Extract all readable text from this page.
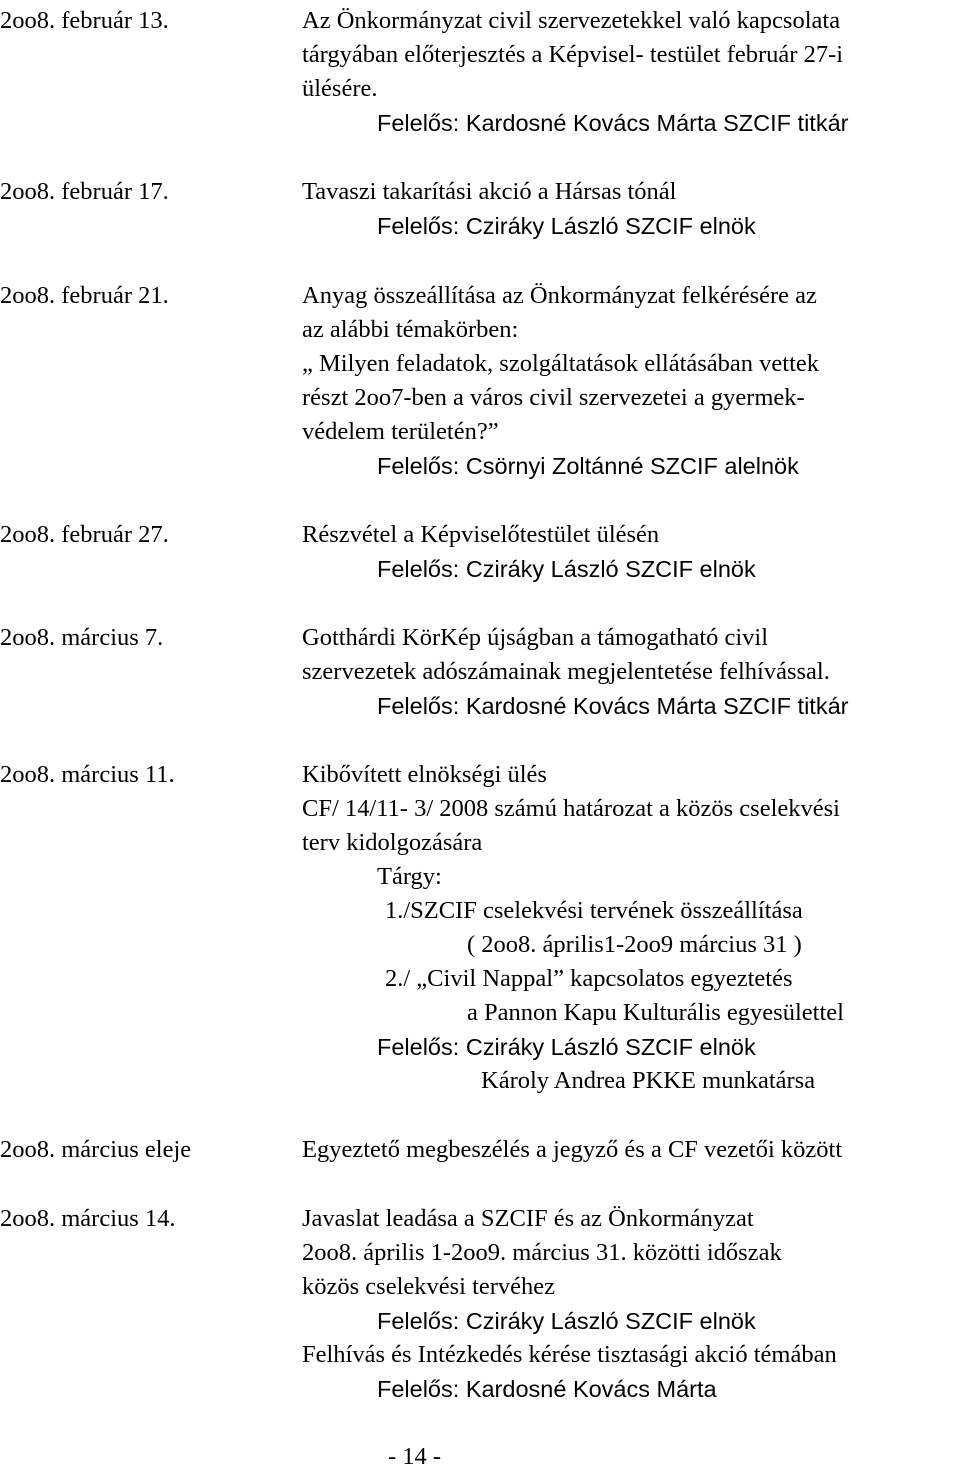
2oo8. február 13.	Az Önkormányzat civil szervezetekkel való kapcsolata
tárgyában előterjesztés a Képvisel- testület február 27-i
ülésére.
Felelős: Kardosné Kovács Márta SZCIF titkár
2oo8. február 17.	Tavaszi takarítási akció a Hársas tónál
Felelős: Cziráky László SZCIF elnök
2oo8. február 21.	Anyag összeállítása az Önkormányzat felkérésére az
az alábbi témakörben:
„ Milyen feladatok, szolgáltatások ellátásában vettek
részt 2oo7-ben a város civil szervezetei a gyermek-
védelem területén?”
Felelős: Csörnyi Zoltánné SZCIF alelnök
2oo8. február 27.	Részvétel a Képviselőtestület ülésén
Felelős: Cziráky László SZCIF elnök
2oo8. március 7.	Gotthárdi KörKép újságban a támogatható civil
szervezetek adószámainak megjelentetése felhívással.
Felelős: Kardosné Kovács Márta SZCIF titkár
2oo8. március 11.	Kibővített elnökségi ülés
CF/ 14/11- 3/ 2008 számú határozat a közös cselekvési
terv kidolgozására
Tárgy:
1./SZCIF cselekvési tervének összeállítása
( 2oo8. április1-2oo9 március 31 )
2./ „Civil Nappal” kapcsolatos egyeztetés
a Pannon Kapu Kulturális egyesülettel
Felelős: Cziráky László SZCIF elnök
Károly Andrea PKKE munkatársa
2oo8. március eleje	Egyeztető megbeszélés a jegyző és a CF vezetői között
2oo8. március 14.	Javaslat leadása a SZCIF és az Önkormányzat
2oo8. április 1-2oo9. március 31. közötti időszak
közös cselekvési tervéhez
Felelős: Cziráky László SZCIF elnök
Felhívás és Intézkedés kérése tisztasági akció témában
Felelős: Kardosné Kovács Márta
- 14 -
